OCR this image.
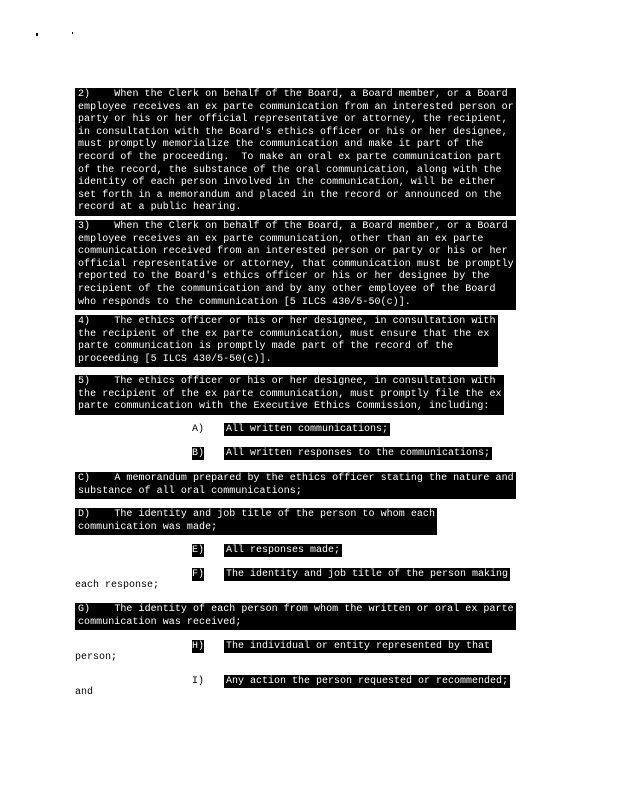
2)    When the Clerk on behalf of the Board, a Board member, or a Board
employee receives an ex parte communication from an interested person or
party or his or her official representative or attorney, the recipient,
in consultation with the Board's ethics officer or his or her designee,
must promptly memorialize the communication and make it part of the
record of the proceeding.  To make an oral ex parte communication part
of the record, the substance of the oral communication, along with the
identity of each person involved in the communication, will be either
set forth in a memorandum and placed in the record or announced on the
record at a public hearing.
3)    When the Clerk on behalf of the Board, a Board member, or a Board
employee receives an ex parte communication, other than an ex parte
communication received from an interested person or party or his or her
official representative or attorney, that communication must be promptly
reported to the Board's ethics officer or his or her designee by the
recipient of the communication and by any other employee of the Board
who responds to the communication [5 ILCS 430/5-50(c)].
4)    The ethics officer or his or her designee, in consultation with
the recipient of the ex parte communication, must ensure that the ex
parte communication is promptly made part of the record of the
proceeding [5 ILCS 430/5-50(c)].
5)    The ethics officer or his or her designee, in consultation with
the recipient of the ex parte communication, must promptly file the ex
parte communication with the Executive Ethics Commission, including:
A) All written communications;
B) All written responses to the communications;
C) A memorandum prepared by the ethics officer stating the nature and
substance of all oral communications;
D) The identity and job title of the person to whom each
communication was made;
E) All responses made;
F) The identity and job title of the person making
each response;
G) The identity of each person from whom the written or oral ex parte
communication was received;
H) The individual or entity represented by that
person;
I) Any action the person requested or recommended;
and
